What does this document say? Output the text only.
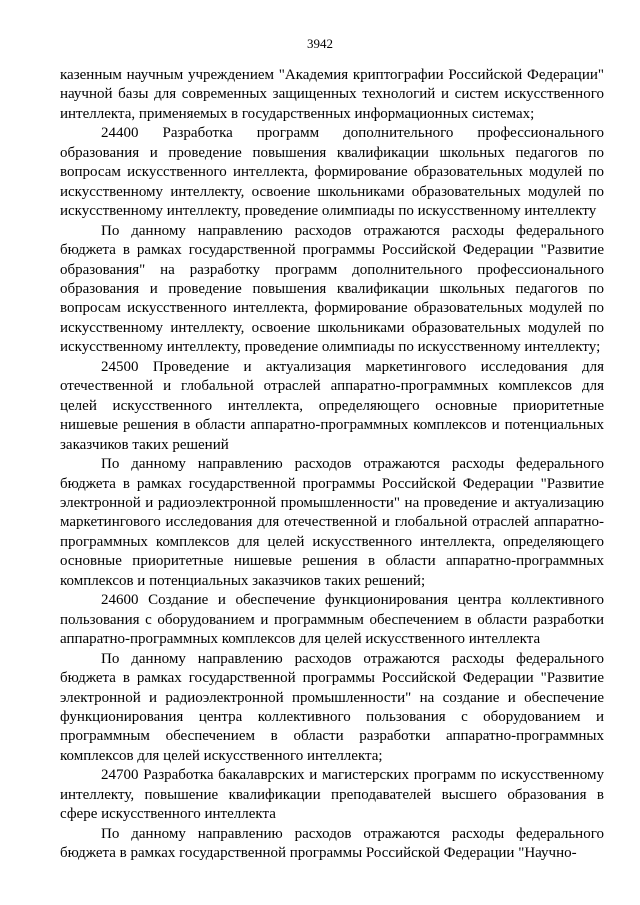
3942

казенным научным учреждением "Академия криптографии Российской Федерации" научной базы для современных защищенных технологий и систем искусственного интеллекта, применяемых в государственных информационных системах;

24400 Разработка программ дополнительного профессионального образования и проведение повышения квалификации школьных педагогов по вопросам искусственного интеллекта, формирование образовательных модулей по искусственному интеллекту, освоение школьниками образовательных модулей по искусственному интеллекту, проведение олимпиады по искусственному интеллекту

По данному направлению расходов отражаются расходы федерального бюджета в рамках государственной программы Российской Федерации "Развитие образования" на разработку программ дополнительного профессионального образования и проведение повышения квалификации школьных педагогов по вопросам искусственного интеллекта, формирование образовательных модулей по искусственному интеллекту, освоение школьниками образовательных модулей по искусственному интеллекту, проведение олимпиады по искусственному интеллекту;

24500 Проведение и актуализация маркетингового исследования для отечественной и глобальной отраслей аппаратно-программных комплексов для целей искусственного интеллекта, определяющего основные приоритетные нишевые решения в области аппаратно-программных комплексов и потенциальных заказчиков таких решений

По данному направлению расходов отражаются расходы федерального бюджета в рамках государственной программы Российской Федерации "Развитие электронной и радиоэлектронной промышленности" на проведение и актуализацию маркетингового исследования для отечественной и глобальной отраслей аппаратно-программных комплексов для целей искусственного интеллекта, определяющего основные приоритетные нишевые решения в области аппаратно-программных комплексов и потенциальных заказчиков таких решений;

24600 Создание и обеспечение функционирования центра коллективного пользования с оборудованием и программным обеспечением в области разработки аппаратно-программных комплексов для целей искусственного интеллекта

По данному направлению расходов отражаются расходы федерального бюджета в рамках государственной программы Российской Федерации "Развитие электронной и радиоэлектронной промышленности" на создание и обеспечение функционирования центра коллективного пользования с оборудованием и программным обеспечением в области разработки аппаратно-программных комплексов для целей искусственного интеллекта;

24700 Разработка бакалаврских и магистерских программ по искусственному интеллекту, повышение квалификации преподавателей высшего образования в сфере искусственного интеллекта

По данному направлению расходов отражаются расходы федерального бюджета в рамках государственной программы Российской Федерации "Научно-
